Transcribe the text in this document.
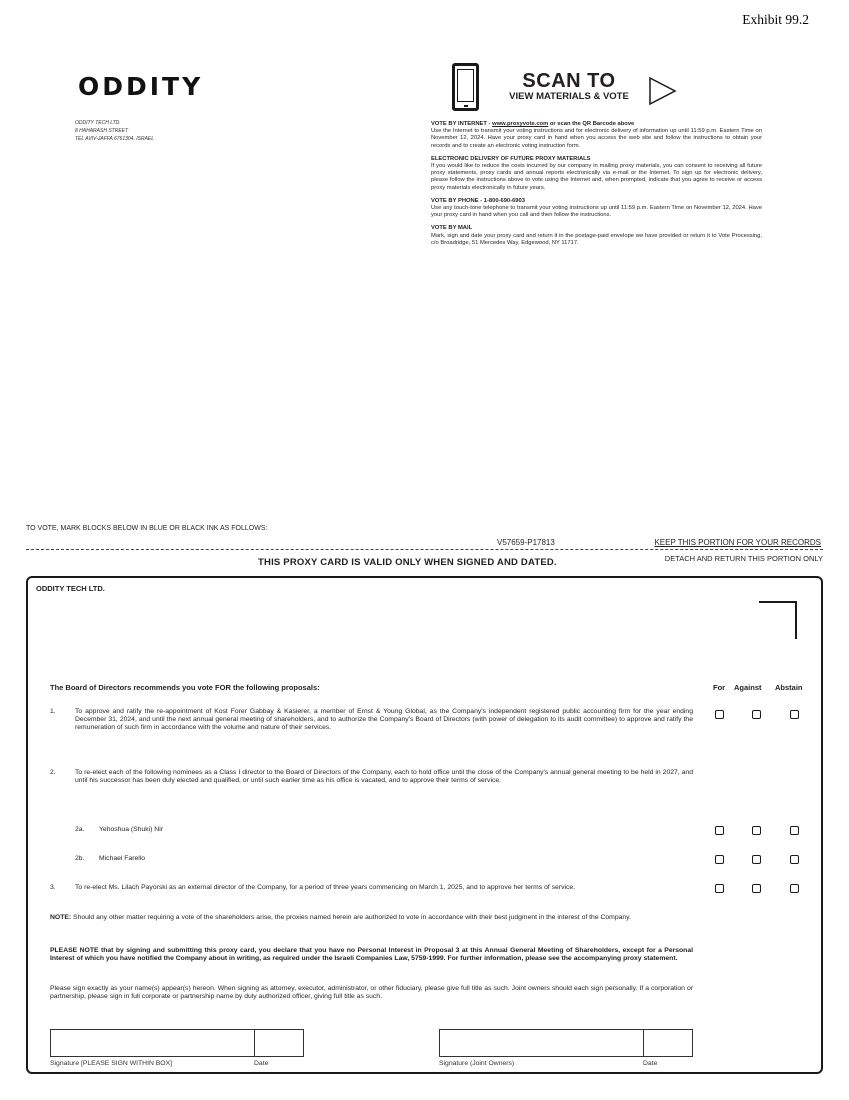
Exhibit 99.2
ODDITY
ODDITY TECH LTD.
8 HAHARASH STREET
TEL AVIV-JAFFA 6761304, ISRAEL
SCAN TO
VIEW MATERIALS & VOTE
VOTE BY INTERNET - www.proxyvote.com or scan the QR Barcode above
Use the Internet to transmit your voting instructions and for electronic delivery of information up until 11:59 p.m. Eastern Time on November 12, 2024. Have your proxy card in hand when you access the web site and follow the instructions to obtain your records and to create an electronic voting instruction form.
ELECTRONIC DELIVERY OF FUTURE PROXY MATERIALS
If you would like to reduce the costs incurred by our company in mailing proxy materials, you can consent to receiving all future proxy statements, proxy cards and annual reports electronically via e-mail or the Internet. To sign up for electronic delivery, please follow the instructions above to vote using the Internet and, when prompted, indicate that you agree to receive or access proxy materials electronically in future years.
VOTE BY PHONE - 1-800-690-6903
Use any touch-tone telephone to transmit your voting instructions up until 11:59 p.m. Eastern Time on November 12, 2024. Have your proxy card in hand when you call and then follow the instructions.
VOTE BY MAIL
Mark, sign and date your proxy card and return it in the postage-paid envelope we have provided or return it to Vote Processing, c/o Broadridge, 51 Mercedes Way, Edgewood, NY 11717.
TO VOTE, MARK BLOCKS BELOW IN BLUE OR BLACK INK AS FOLLOWS:
V57659-P17813	KEEP THIS PORTION FOR YOUR RECORDS
DETACH AND RETURN THIS PORTION ONLY
THIS PROXY CARD IS VALID ONLY WHEN SIGNED AND DATED.
ODDITY TECH LTD.
The Board of Directors recommends you vote FOR the following proposals:	For Against Abstain
1.	To approve and ratify the re-appointment of Kost Forer Gabbay & Kasierer, a member of Ernst & Young Global, as the Company's independent registered public accounting firm for the year ending December 31, 2024, and until the next annual general meeting of shareholders, and to authorize the Company's Board of Directors (with power of delegation to its audit committee) to approve and ratify the remuneration of such firm in accordance with the volume and nature of their services.
2.	To re-elect each of the following nominees as a Class I director to the Board of Directors of the Company, each to hold office until the close of the Company's annual general meeting to be held in 2027, and until his successor has been duly elected and qualified, or until such earlier time as his office is vacated, and to approve their terms of service.
2a. Yehoshua (Shuki) Nir
2b. Michael Farello
3.	To re-elect Ms. Lilach Payorski as an external director of the Company, for a period of three years commencing on March 1, 2025, and to approve her terms of service.
NOTE: Should any other matter requiring a vote of the shareholders arise, the proxies named herein are authorized to vote in accordance with their best judgment in the interest of the Company.
PLEASE NOTE that by signing and submitting this proxy card, you declare that you have no Personal Interest in Proposal 3 at this Annual General Meeting of Shareholders, except for a Personal Interest of which you have notified the Company about in writing, as required under the Israeli Companies Law, 5759-1999. For further information, please see the accompanying proxy statement.
Please sign exactly as your name(s) appear(s) hereon. When signing as attorney, executor, administrator, or other fiduciary, please give full title as such. Joint owners should each sign personally. If a corporation or partnership, please sign in full corporate or partnership name by duly authorized officer, giving full title as such.
Signature [PLEASE SIGN WITHIN BOX]	Date	Signature (Joint Owners)	Date
